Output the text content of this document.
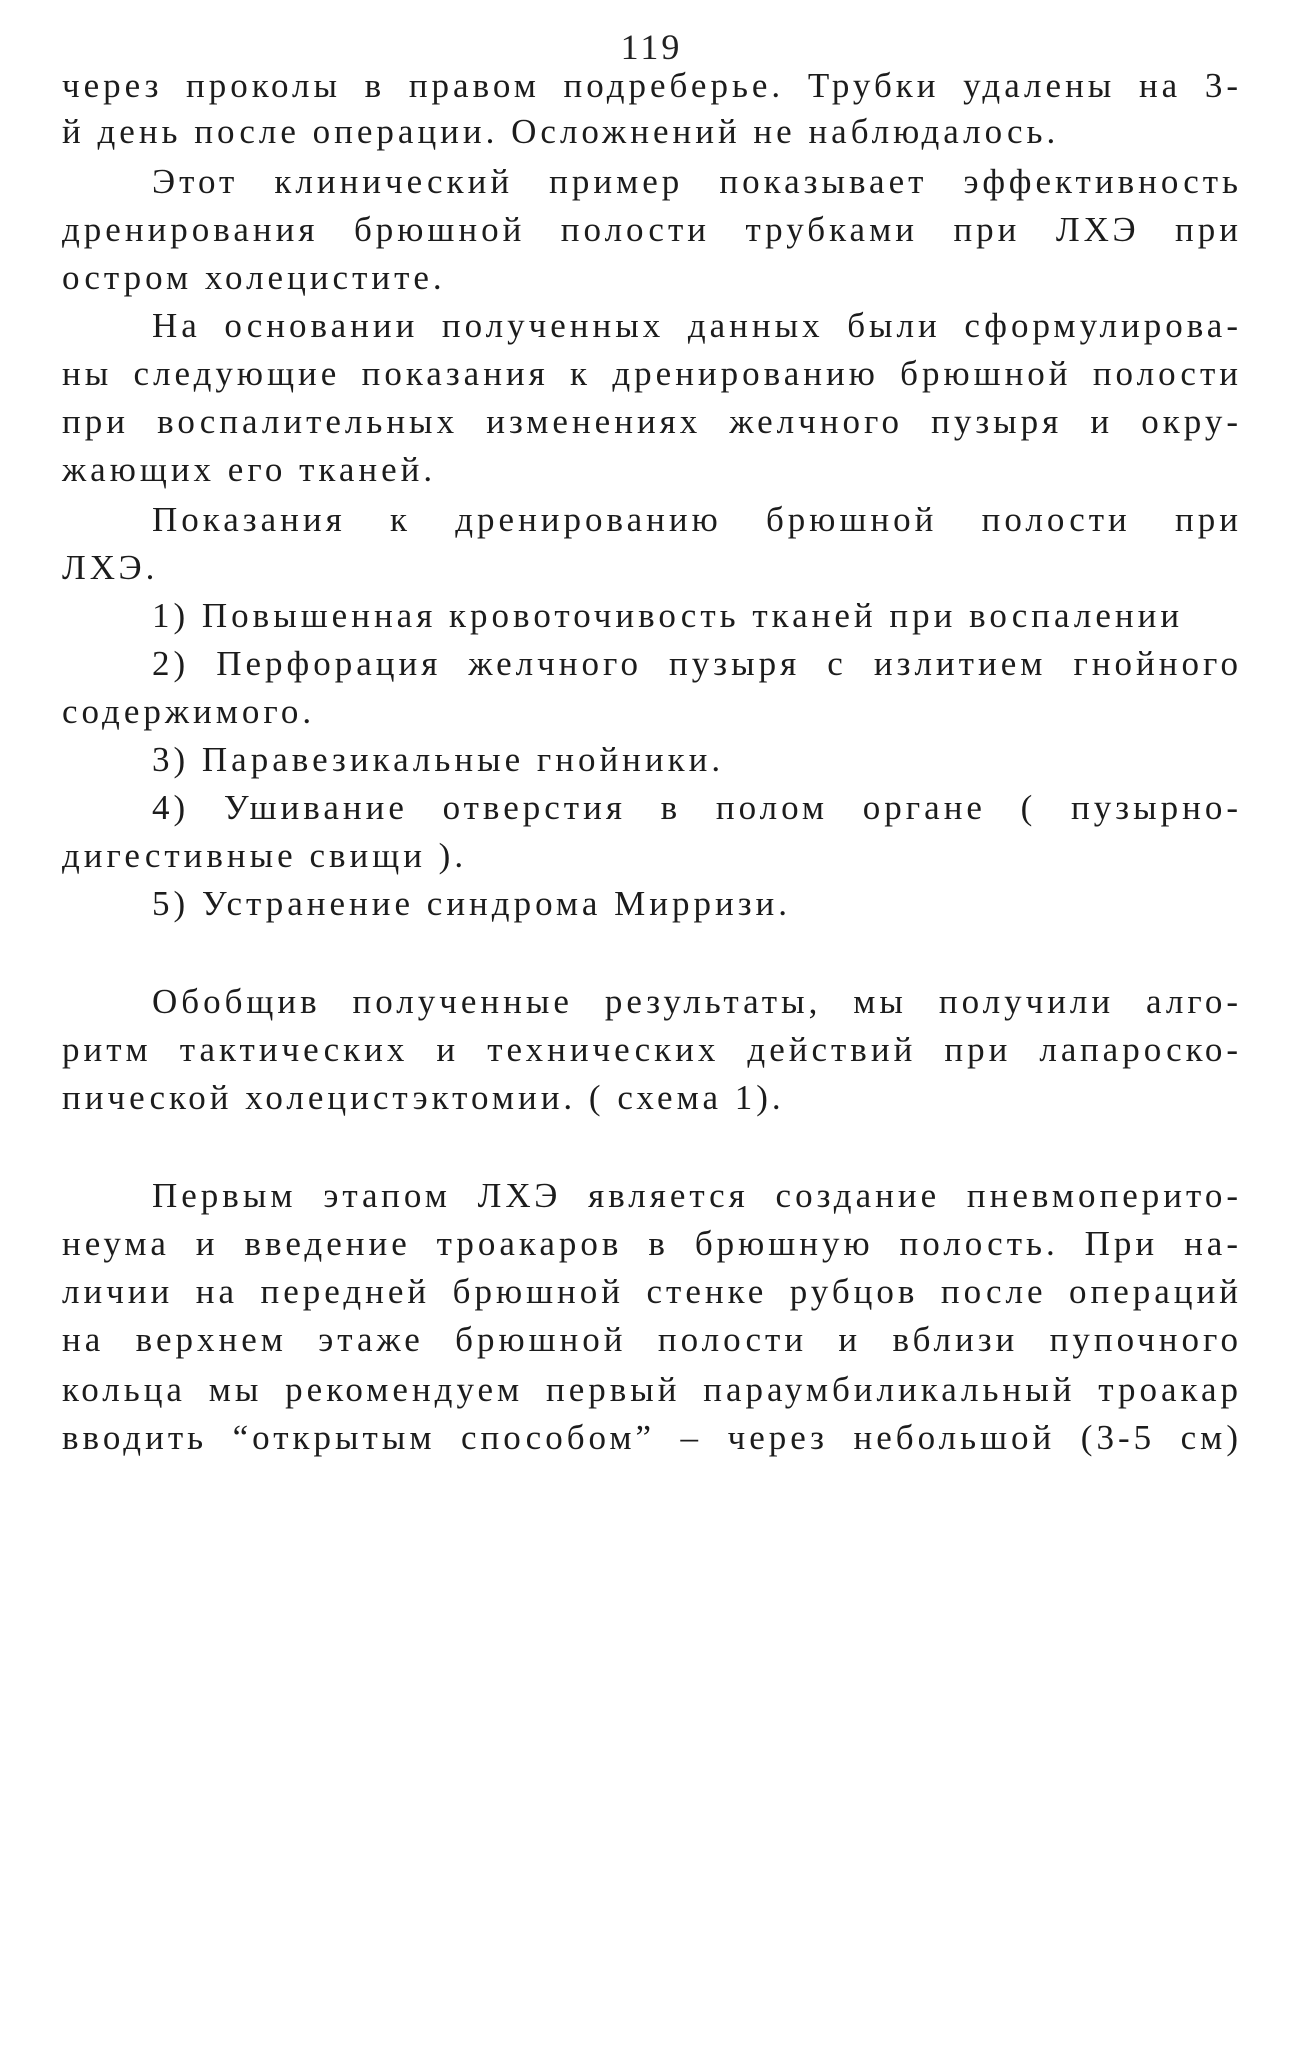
119
через проколы в правом подреберье. Трубки удалены на 3-
й день после операции. Осложнений не наблюдалось.
Этот клинический пример показывает эффективность
дренирования брюшной полости трубками при ЛХЭ при
остром холецистите.
На основании полученных данных были сформулирова-
ны следующие показания к дренированию брюшной полости
при воспалительных изменениях желчного пузыря и окру-
жающих его тканей.
Показания к дренированию брюшной полости при
ЛХЭ.
1) Повышенная кровоточивость тканей при воспалении
2) Перфорация желчного пузыря с излитием гнойного
содержимого.
3) Паравезикальные гнойники.
4) Ушивание отверстия в полом органе ( пузырно-
дигестивные свищи ).
5) Устранение синдрома Мирризи.
Обобщив полученные результаты, мы получили алго-
ритм тактических и технических действий при лапароско-
пической холецистэктомии. ( схема 1).
Первым этапом ЛХЭ является создание пневмоперито-
неума и введение троакаров в брюшную полость. При на-
личии на передней брюшной стенке рубцов после операций
на верхнем этаже брюшной полости и вблизи пупочного
кольца мы рекомендуем первый параумбиликальный троакар
вводить “открытым способом” – через небольшой (3-5 см)
